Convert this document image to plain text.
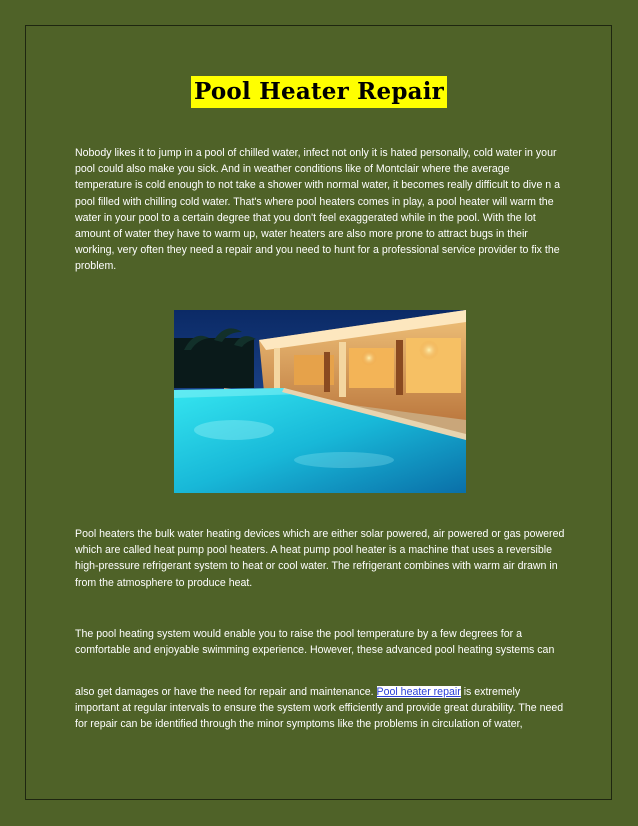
Pool Heater Repair

Nobody likes it to jump in a pool of chilled water, infect not only it is hated personally, cold water in your pool could also make you sick. And in weather conditions like of Montclair where the average temperature is cold enough to not take a shower with normal water, it becomes really difficult to dive n a pool filled with chilling cold water. That's where pool heaters comes in play, a pool heater will warm the water in your pool to a certain degree that you don't feel exaggerated while in the pool. With the lot amount of water they have to warm up, water heaters are also more prone to attract bugs in their working, very often they need a repair and you need to hunt for a professional service provider to fix the problem.

Pool heaters the bulk water heating devices which are either solar powered, air powered or gas powered which are called heat pump pool heaters. A heat pump pool heater is a machine that uses a reversible high-pressure refrigerant system to heat or cool water. The refrigerant combines with warm air drawn in from the atmosphere to produce heat.

The pool heating system would enable you to raise the pool temperature by a few degrees for a comfortable and enjoyable swimming experience. However, these advanced pool heating systems can

also get damages or have the need for repair and maintenance. Pool heater repair is extremely important at regular intervals to ensure the system work efficiently and provide great durability. The need for repair can be identified through the minor symptoms like the problems in circulation of water,
